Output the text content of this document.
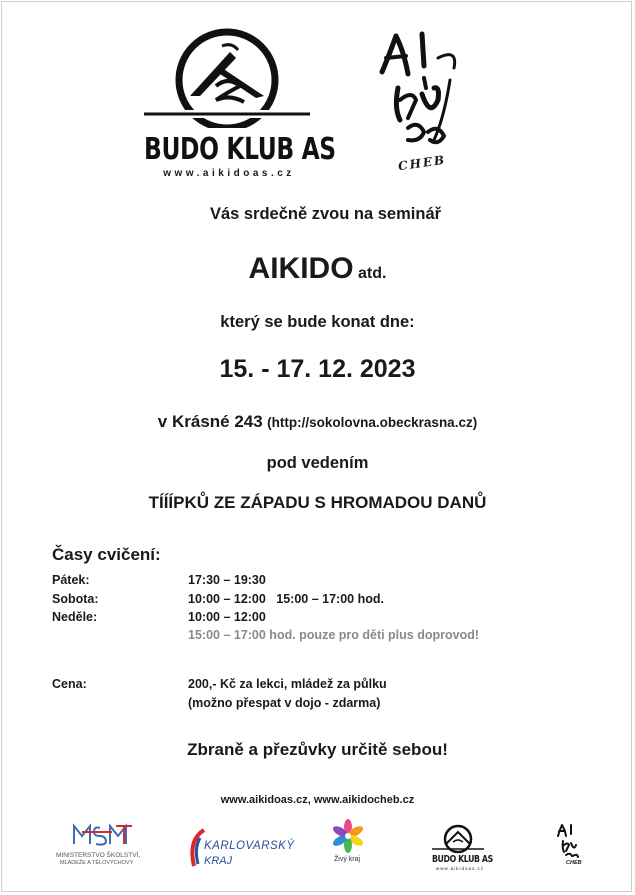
BUDO KLUB AS
www.aikidoas.cz
CHEB
Vás srdečně zvou na seminář
AIKIDO atd.
který se bude konat dne:
15. - 17. 12. 2023
v Krásné 243 (http://sokolovna.obeckrasna.cz)
pod vedením
TÍÍÍPKŮ ZE ZÁPADU S HROMADOU DANŮ
Časy cvičení:
Pátek:	17:30 – 19:30
Sobota:	10:00 – 12:00   15:00 – 17:00 hod.
Neděle:	10:00 – 12:00
15:00 – 17:00 hod. pouze pro děti plus doprovod!
Cena:	200,- Kč za lekci, mládež za půlku
(možno přespat v dojo - zdarma)
Zbraně a přezůvky určitě sebou!
www.aikidoas.cz, www.aikidocheb.cz
MINISTERSTVO ŠKOLSTVÍ,
MLÁDEŽE A TĚLOVÝCHOVY
KARLOVARSKÝ
KRAJ	Živý kraj	BUDO KLUB AS
www.aikidoas.cz
CHEB
